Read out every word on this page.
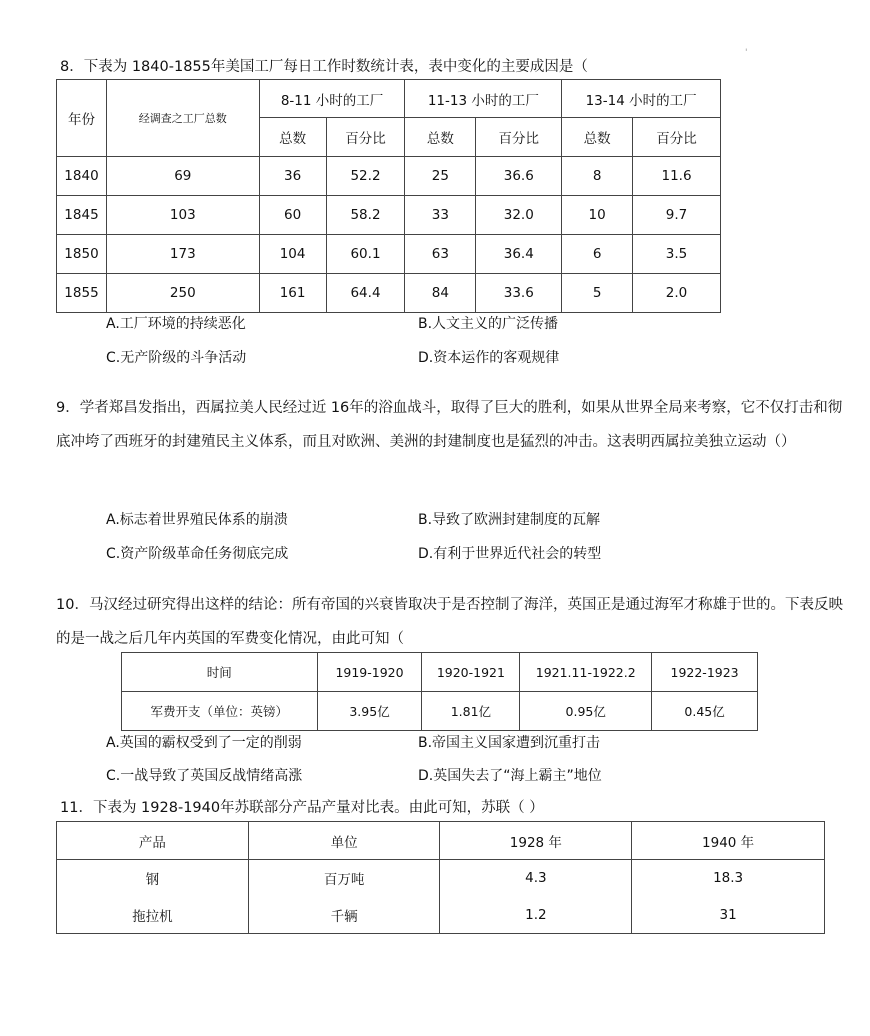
'
8．下表为 1840-1855年美国工厂每日工作时数统计表，表中变化的主要成因是（
年份	经调查之工厂总数	8-11 小时的工厂		11-13 小时的工厂		13-14 小时的工厂	
		总数	百分比	总数	百分比	总数	百分比
1840	69	36	52.2	25	36.6	8	11.6
1845	103	60	58.2	33	32.0	10	9.7
1850	173	104	60.1	63	36.4	6	3.5
1855	250	161	64.4	84	33.6	5	2.0
A.工厂环境的持续恶化	B.人文主义的广泛传播
C.无产阶级的斗争活动	D.资本运作的客观规律
9．学者郑昌发指出，西属拉美人民经过近 16年的浴血战斗，取得了巨大的胜利，如果从世界全局来考察，它不仅打击和彻底冲垮了西班牙的封建殖民主义体系，而且对欧洲、美洲的封建制度也是猛烈的冲击。这表明西属拉美独立运动（）
A.标志着世界殖民体系的崩溃	B.导致了欧洲封建制度的瓦解
C.资产阶级革命任务彻底完成	D.有利于世界近代社会的转型
10．马汉经过研究得出这样的结论：所有帝国的兴衰皆取决于是否控制了海洋，英国正是通过海军才称雄于世的。下表反映的是一战之后几年内英国的军费变化情况，由此可知（
时间	1919-1920	1920-1921	1921.11-1922.2	1922-1923
军费开支（单位：英镑）	3.95亿	1.81亿	0.95亿	0.45亿
A.英国的霸权受到了一定的削弱	B.帝国主义国家遭到沉重打击
C.一战导致了英国反战情绪高涨	D.英国失去了“海上霸主”地位
11．下表为 1928-1940年苏联部分产品产量对比表。由此可知，苏联（ ）
产品	单位	1928 年	1940 年
钢	百万吨	4.3	18.3
拖拉机	千辆	1.2	31
